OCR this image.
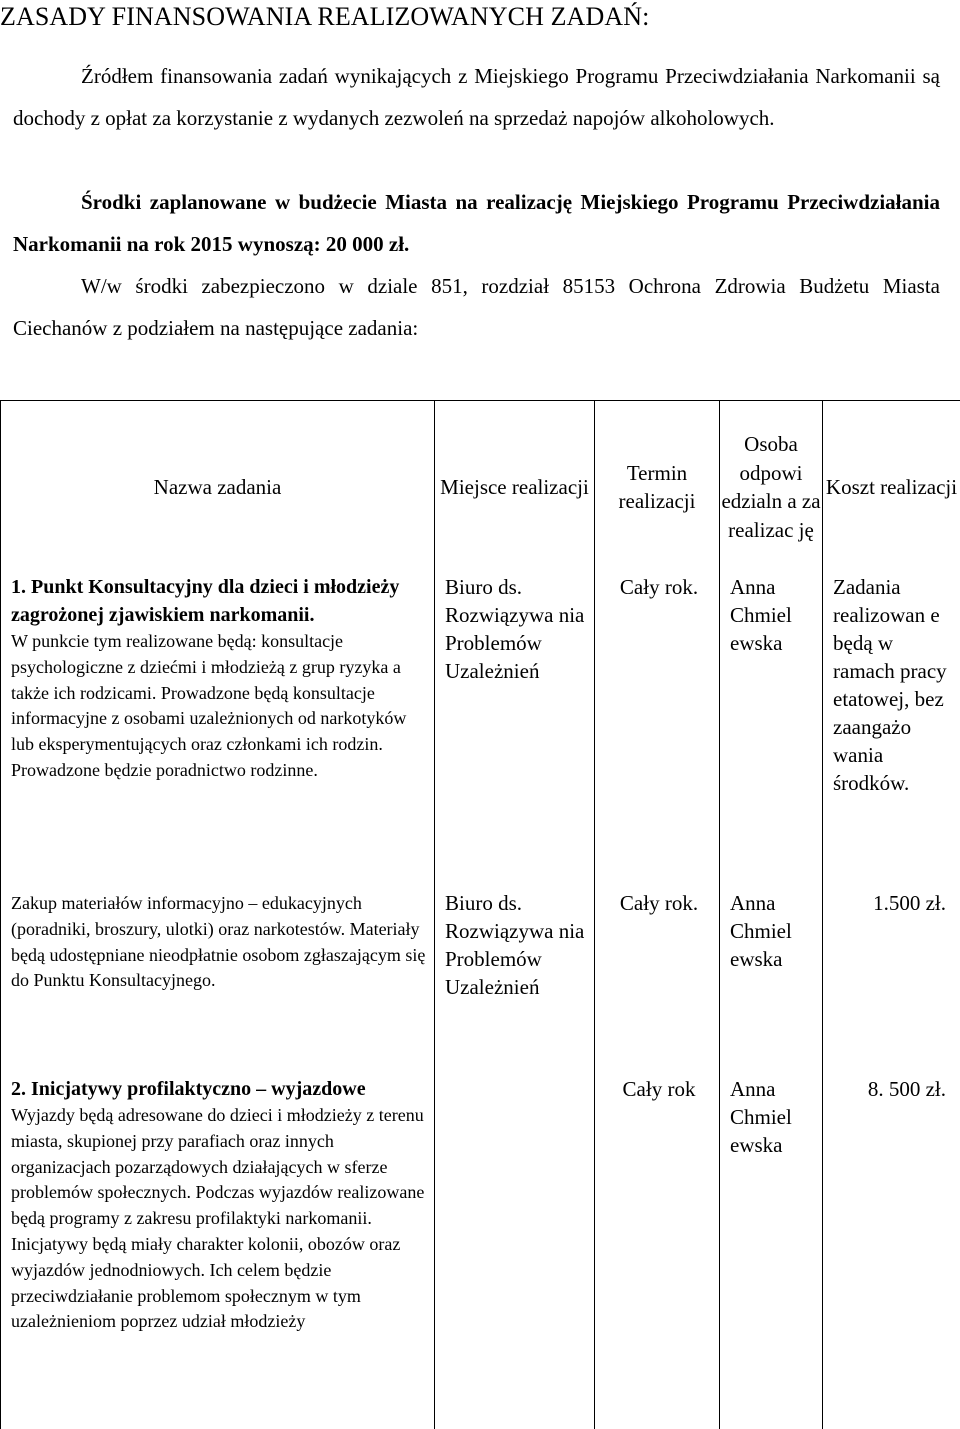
ZASADY FINANSOWANIA REALIZOWANYCH ZADAŃ:

Źródłem finansowania zadań wynikających z Miejskiego Programu Przeciwdziałania Narkomanii są dochody z opłat za korzystanie z wydanych zezwoleń na sprzedaż napojów alkoholowych.

Środki zaplanowane w budżecie Miasta na realizację Miejskiego Programu Przeciwdziałania Narkomanii na rok 2015 wynoszą: 20 000 zł.

W/w środki zabezpieczono w dziale 851, rozdział 85153 Ochrona Zdrowia Budżetu Miasta Ciechanów z podziałem na następujące zadania:

Nazwa zadania	Miejsce realizacji	Termin realizacji	Osoba odpowi edzialn a za realizac ję	Koszt realizacji

1. Punkt Konsultacyjny dla dzieci i młodzieży zagrożonej zjawiskiem narkomanii.
W punkcie tym realizowane będą: konsultacje psychologiczne z dziećmi i młodzieżą z grup ryzyka a także ich rodzicami. Prowadzone będą konsultacje informacyjne z osobami uzależnionych od narkotyków lub eksperymentujących oraz członkami ich rodzin. Prowadzone będzie poradnictwo rodzinne.	Biuro ds. Rozwiązywa nia Problemów Uzależnień	Cały rok.	Anna Chmiel ewska	Zadania realizowan e będą w ramach pracy etatowej, bez zaangażo wania środków.

Zakup materiałów informacyjno – edukacyjnych (poradniki, broszury, ulotki) oraz narkotestów. Materiały będą udostępniane nieodpłatnie osobom zgłaszającym się do Punktu Konsultacyjnego.	Biuro ds. Rozwiązywa nia Problemów Uzależnień	Cały rok.	Anna Chmiel ewska	1.500 zł.

2. Inicjatywy profilaktyczno – wyjazdowe
Wyjazdy będą adresowane do dzieci i młodzieży z terenu miasta, skupionej przy parafiach oraz innych organizacjach pozarządowych działających w sferze problemów społecznych. Podczas wyjazdów realizowane będą programy z zakresu profilaktyki narkomanii. Inicjatywy będą miały charakter kolonii, obozów oraz wyjazdów jednodniowych. Ich celem będzie przeciwdziałanie problemom społecznym w tym uzależnieniom poprzez udział młodzieży		Cały rok	Anna Chmiel ewska	8. 500 zł.
